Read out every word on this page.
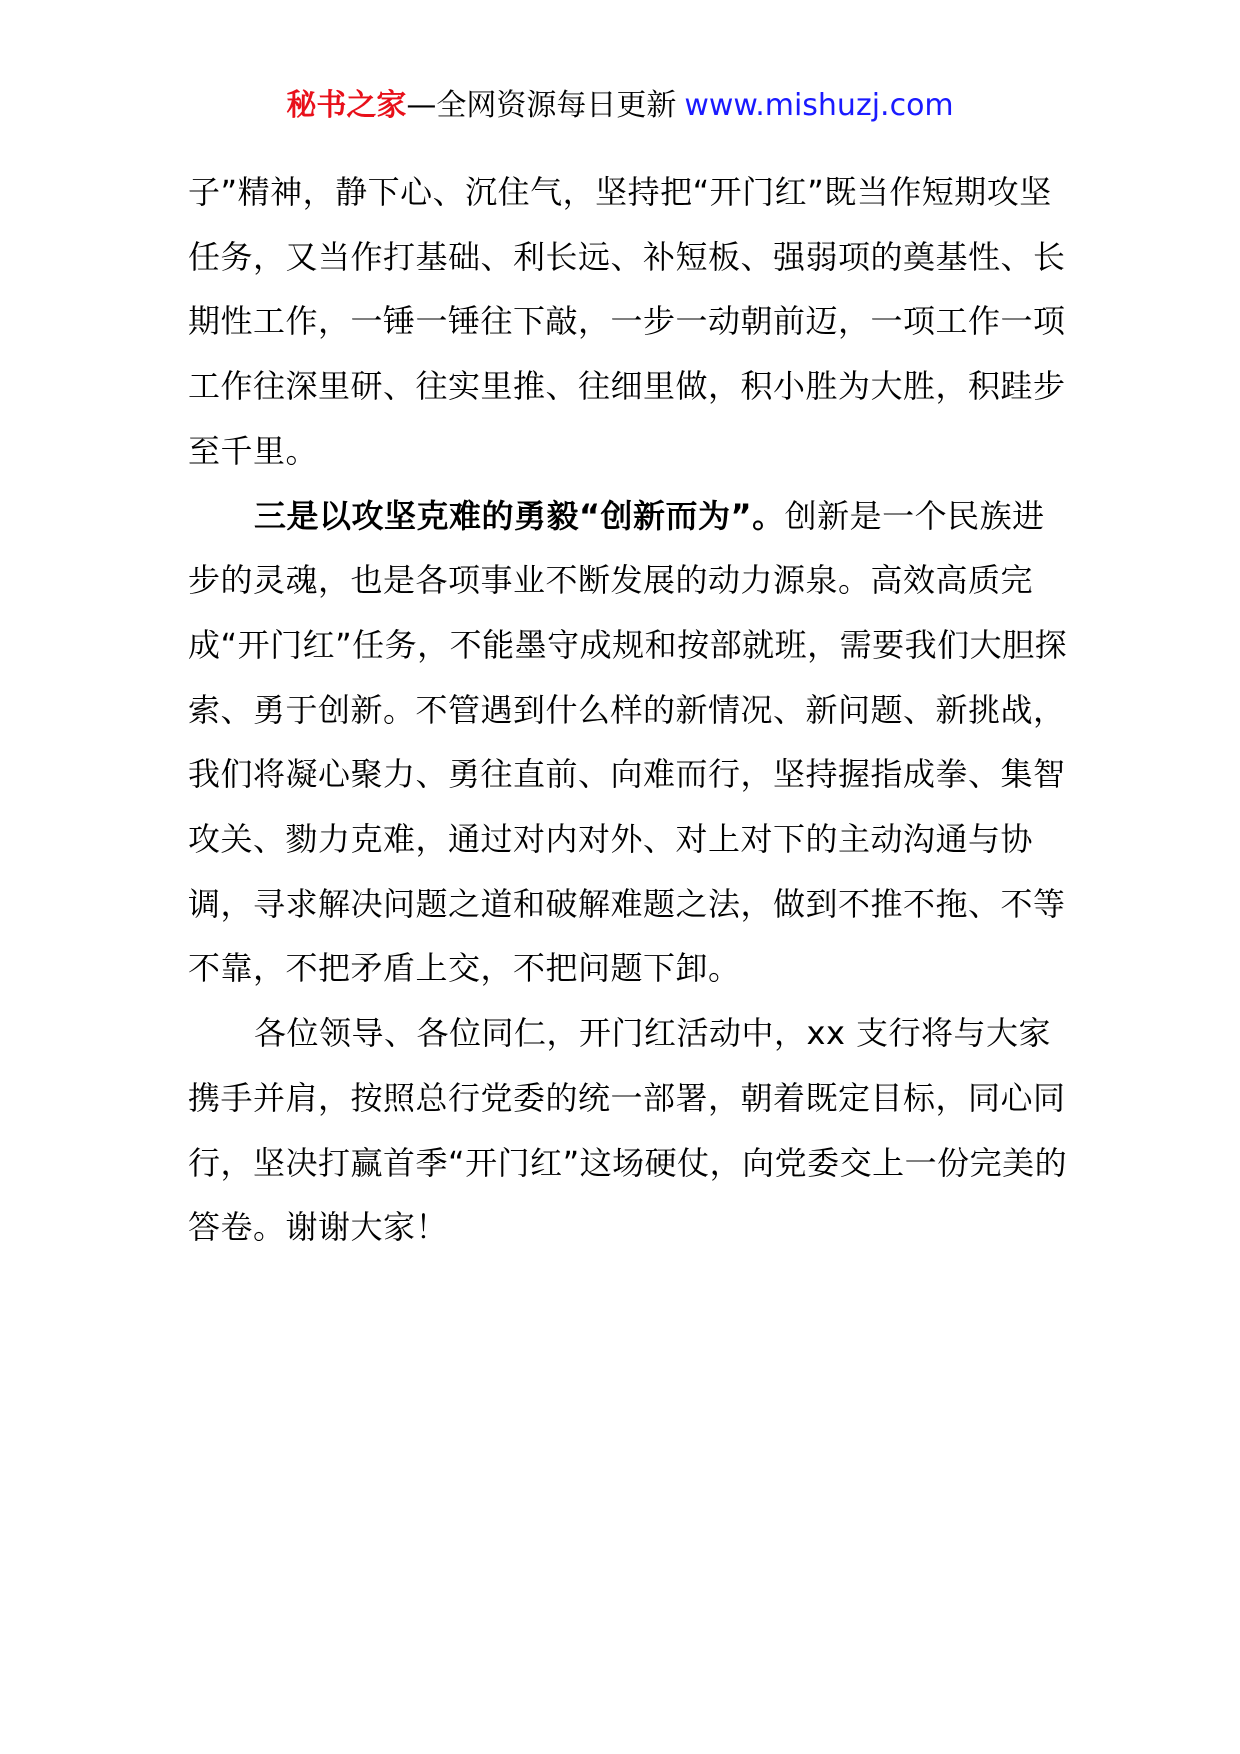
秘书之家—全网资源每日更新 www.mishuzj.com

子”精神，静下心、沉住气，坚持把“开门红”既当作短期攻坚任务，又当作打基础、利长远、补短板、强弱项的奠基性、长期性工作，一锤一锤往下敲，一步一动朝前迈，一项工作一项工作往深里研、往实里推、往细里做，积小胜为大胜，积跬步至千里。

三是以攻坚克难的勇毅“创新而为”。创新是一个民族进步的灵魂，也是各项事业不断发展的动力源泉。高效高质完成“开门红”任务，不能墨守成规和按部就班，需要我们大胆探索、勇于创新。不管遇到什么样的新情况、新问题、新挑战，我们将凝心聚力、勇往直前、向难而行，坚持握指成拳、集智攻关、勠力克难，通过对内对外、对上对下的主动沟通与协调，寻求解决问题之道和破解难题之法，做到不推不拖、不等不靠，不把矛盾上交，不把问题下卸。

各位领导、各位同仁，开门红活动中，xx 支行将与大家携手并肩，按照总行党委的统一部署，朝着既定目标，同心同行，坚决打赢首季“开门红”这场硬仗，向党委交上一份完美的答卷。谢谢大家！
